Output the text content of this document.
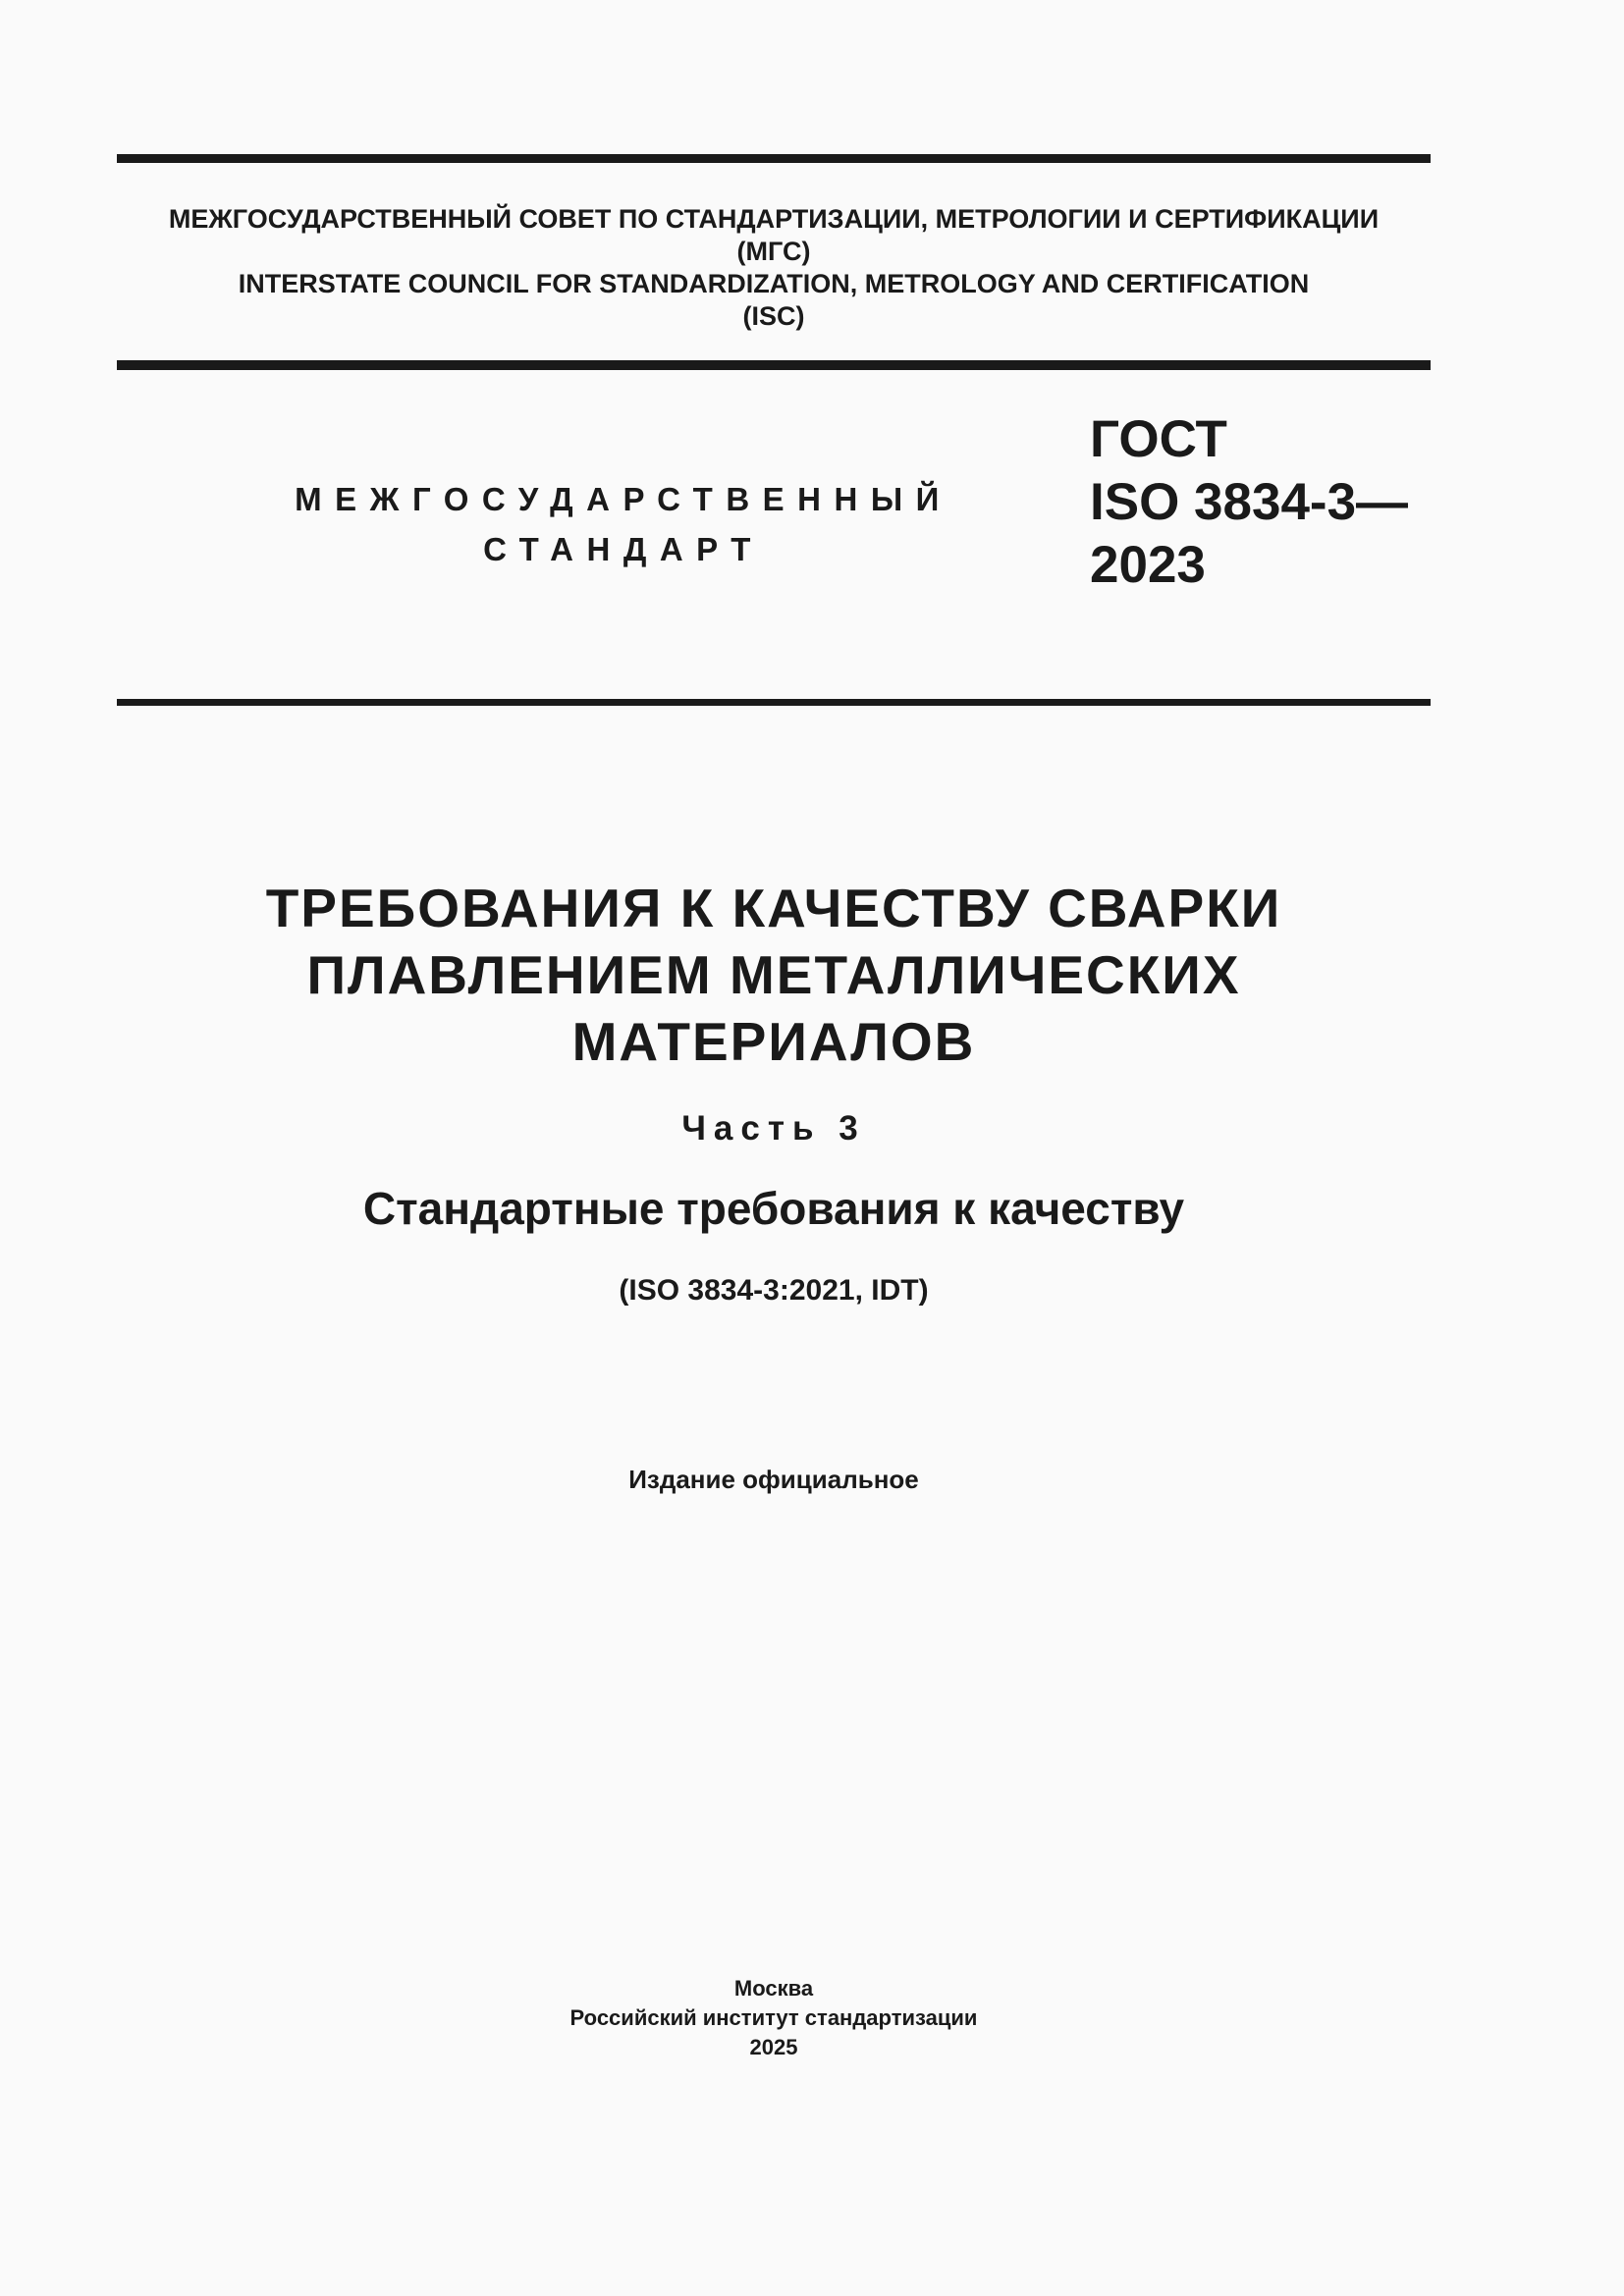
МЕЖГОСУДАРСТВЕННЫЙ СОВЕТ ПО СТАНДАРТИЗАЦИИ, МЕТРОЛОГИИ И СЕРТИФИКАЦИИ
(МГС)
INTERSTATE COUNCIL FOR STANDARDIZATION, METROLOGY AND CERTIFICATION
(ISC)
МЕЖГОСУДАРСТВЕННЫЙ
СТАНДАРТ
ГОСТ
ISO 3834-3—
2023
ТРЕБОВАНИЯ К КАЧЕСТВУ СВАРКИ
ПЛАВЛЕНИЕМ МЕТАЛЛИЧЕСКИХ
МАТЕРИАЛОВ
Часть 3
Стандартные требования к качеству
(ISO 3834-3:2021, IDT)
Издание официальное
Москва
Российский институт стандартизации
2025
